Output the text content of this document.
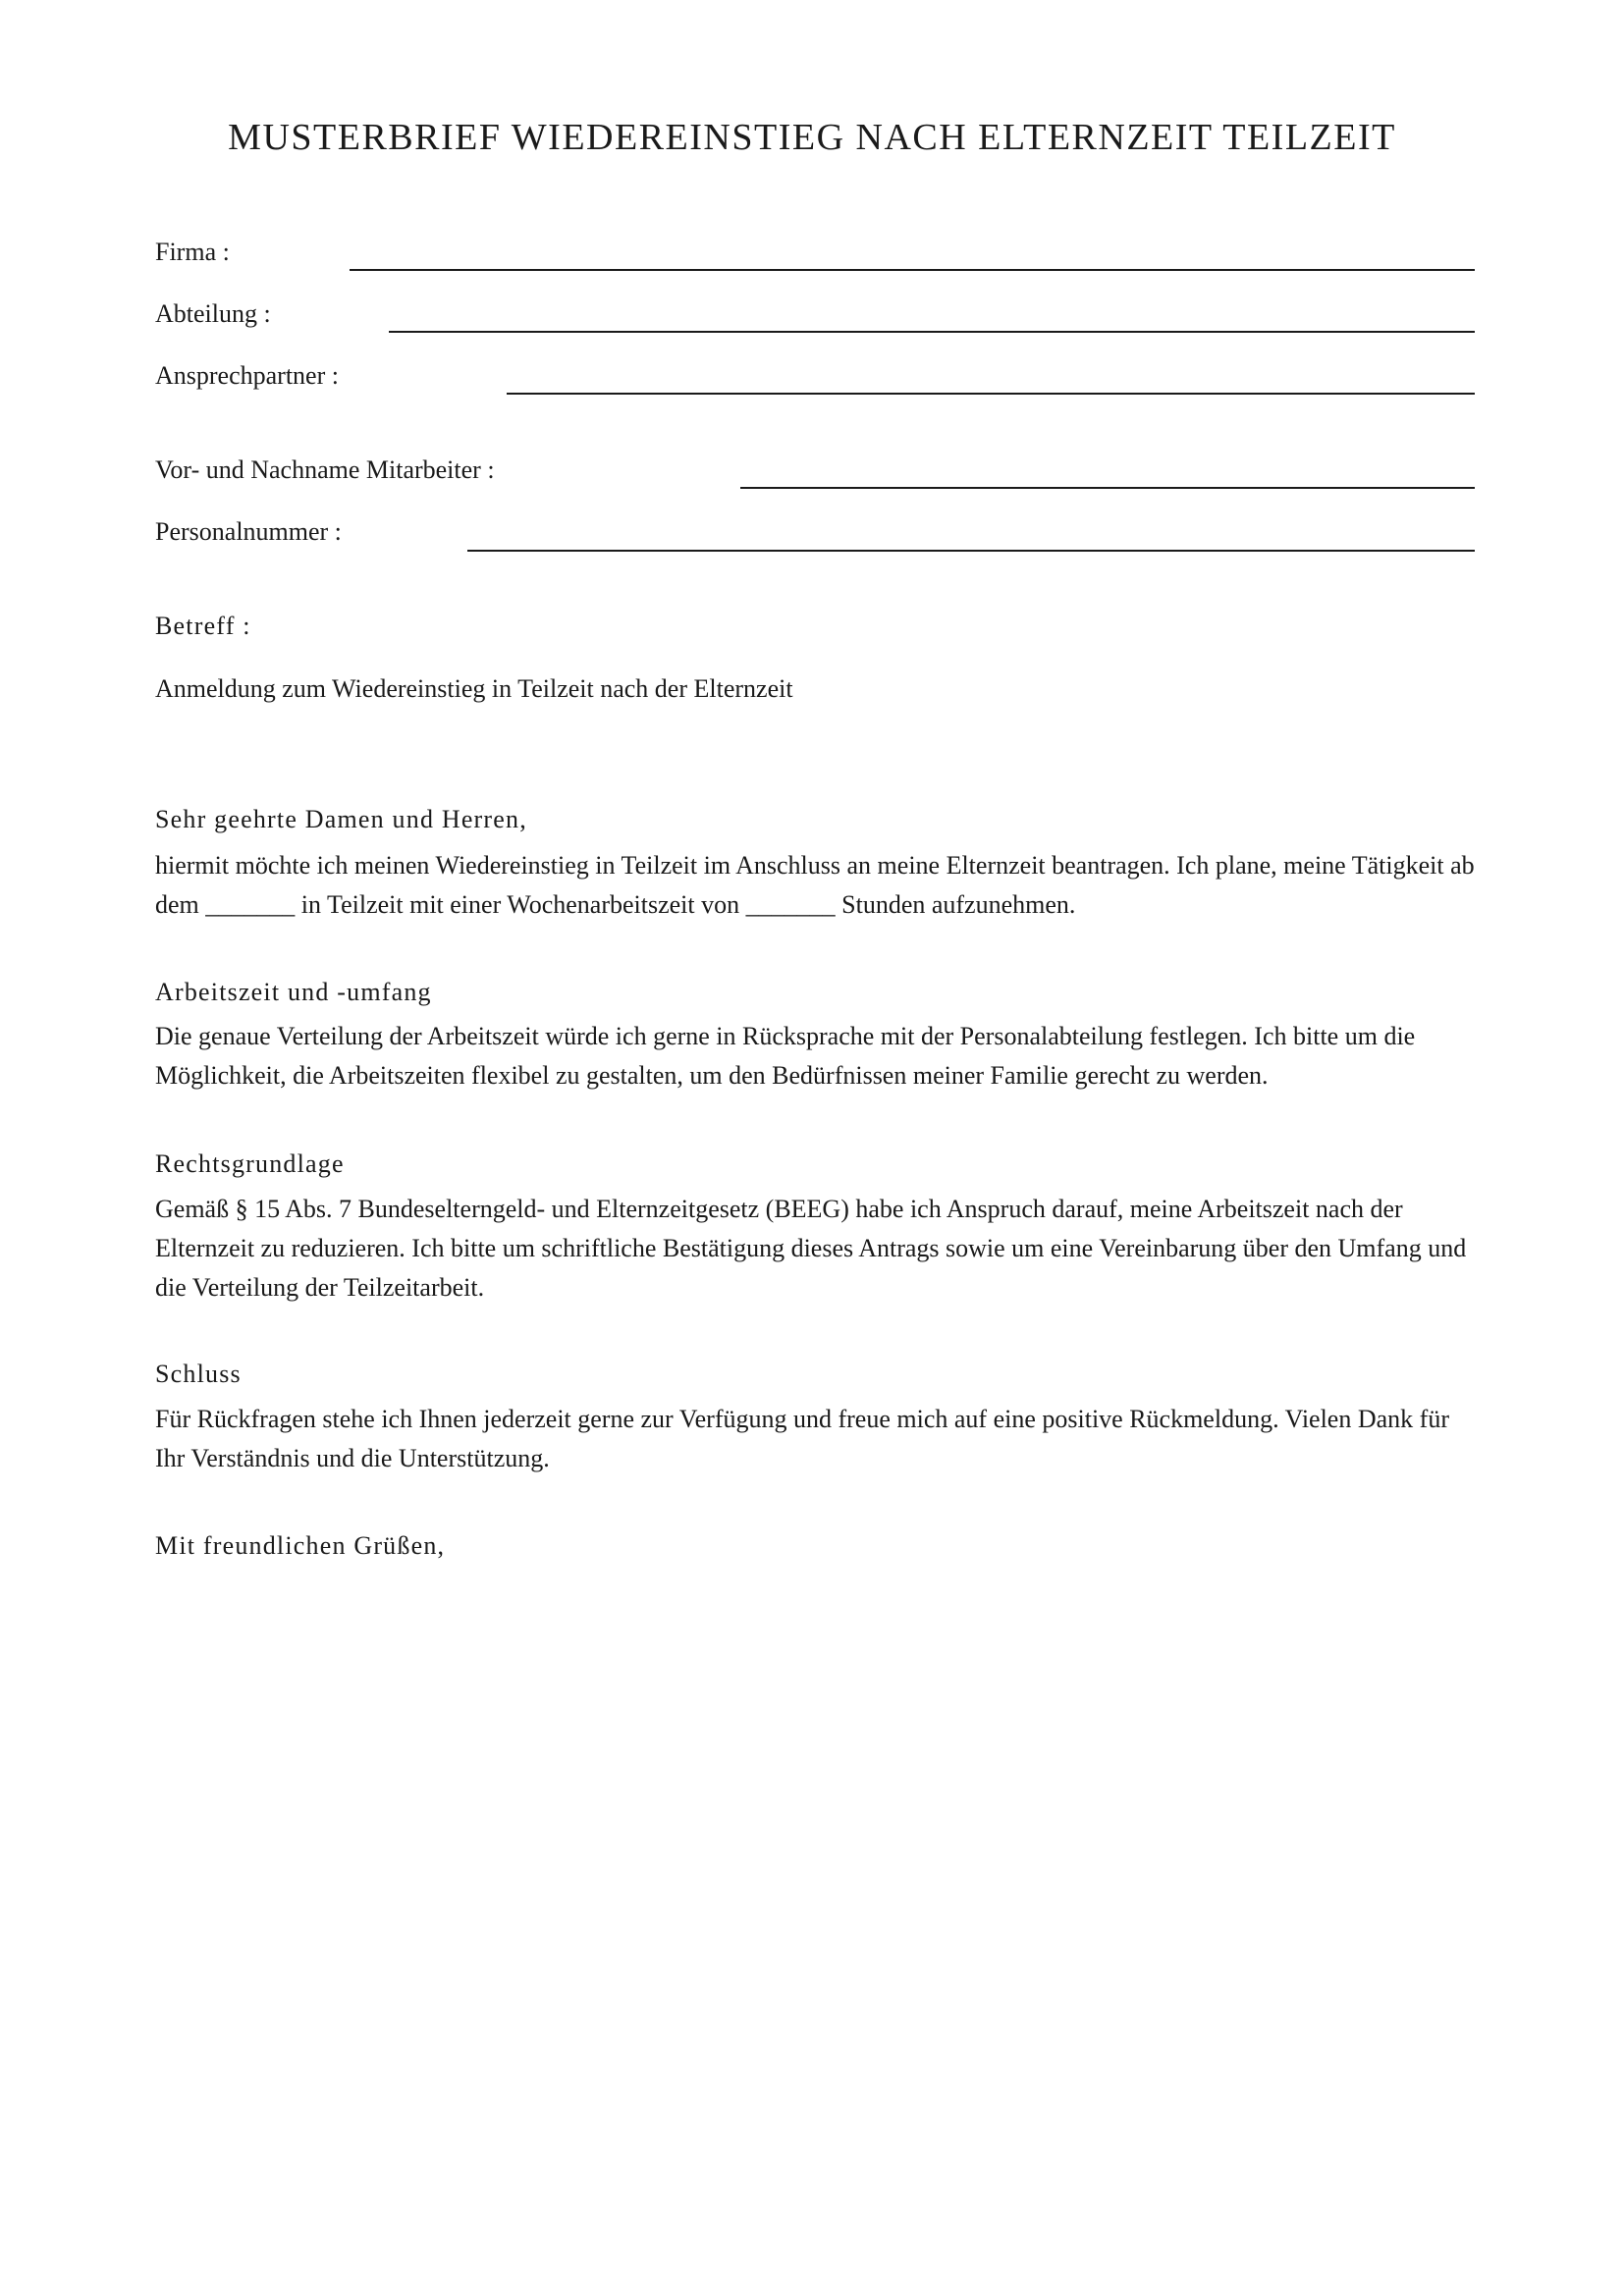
MUSTERBRIEF WIEDEREINSTIEG NACH ELTERNZEIT TEILZEIT
Firma :
Abteilung :
Ansprechpartner :
Vor- und Nachname Mitarbeiter :
Personalnummer :
Betreff :

Anmeldung zum Wiedereinstieg in Teilzeit nach der Elternzeit

Sehr geehrte Damen und Herren,

hiermit möchte ich meinen Wiedereinstieg in Teilzeit im Anschluss an meine Elternzeit beantragen. Ich plane, meine Tätigkeit ab dem _______ in Teilzeit mit einer Wochenarbeitszeit von _______ Stunden aufzunehmen.

Arbeitszeit und -umfang

Die genaue Verteilung der Arbeitszeit würde ich gerne in Rücksprache mit der Personalabteilung festlegen. Ich bitte um die Möglichkeit, die Arbeitszeiten flexibel zu gestalten, um den Bedürfnissen meiner Familie gerecht zu werden.

Rechtsgrundlage

Gemäß § 15 Abs. 7 Bundeselterngeld- und Elternzeitgesetz (BEEG) habe ich Anspruch darauf, meine Arbeitszeit nach der Elternzeit zu reduzieren. Ich bitte um schriftliche Bestätigung dieses Antrags sowie um eine Vereinbarung über den Umfang und die Verteilung der Teilzeitarbeit.

Schluss

Für Rückfragen stehe ich Ihnen jederzeit gerne zur Verfügung und freue mich auf eine positive Rückmeldung. Vielen Dank für Ihr Verständnis und die Unterstützung.

Mit freundlichen Grüßen,
